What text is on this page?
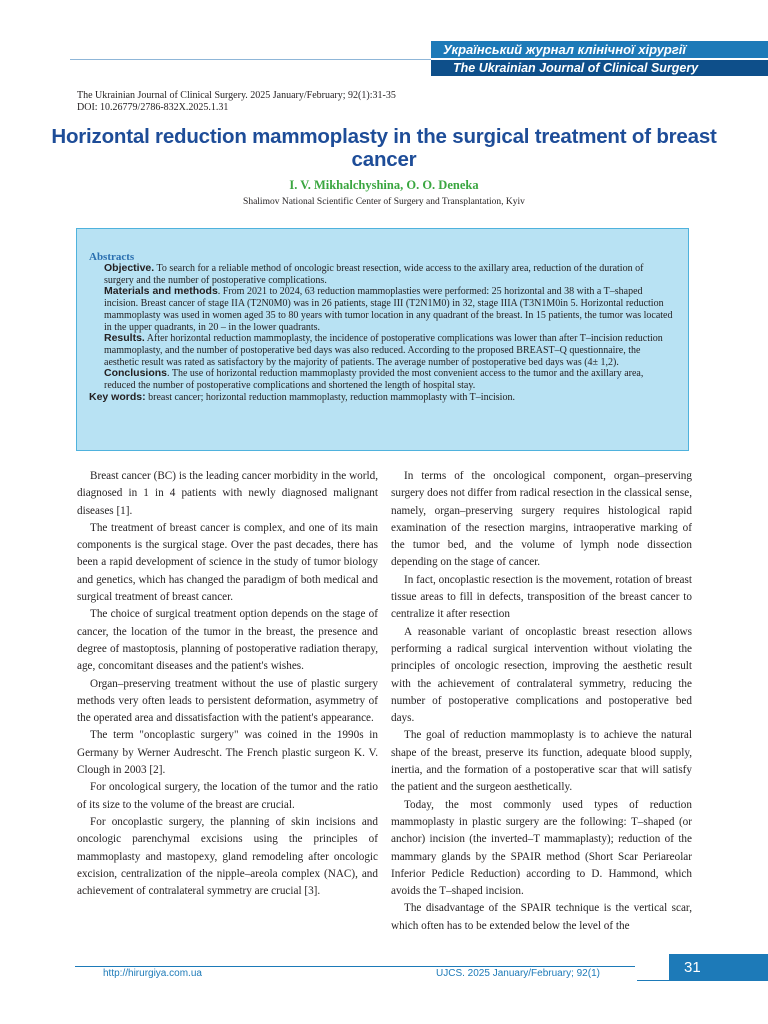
Український журнал клінічної хірургії
The Ukrainian Journal of Clinical Surgery
The Ukrainian Journal of Clinical Surgery. 2025 January/February; 92(1):31-35
DOI: 10.26779/2786-832X.2025.1.31
Horizontal reduction mammoplasty in the surgical treatment of breast cancer
I. V. Mikhalchyshina, O. O. Deneka
Shalimov National Scientific Center of Surgery and Transplantation, Kyiv
Abstracts

Objective. To search for a reliable method of oncologic breast resection, wide access to the axillary area, reduction of the duration of surgery and the number of postoperative complications.

Materials and methods. From 2021 to 2024, 63 reduction mammoplasties were performed: 25 horizontal and 38 with a T–shaped incision. Breast cancer of stage IIA (T2N0M0) was in 26 patients, stage III (T2N1M0) in 32, stage IIIA (T3N1M0in 5. Horizontal reduction mammoplasty was used in women aged 35 to 80 years with tumor location in any quadrant of the breast. In 15 patients, the tumor was located in the upper quadrants, in 20 – in the lower quadrants.

Results. After horizontal reduction mammoplasty, the incidence of postoperative complications was lower than after T–incision reduction mammoplasty, and the number of postoperative bed days was also reduced. According to the proposed BREAST–Q questionnaire, the aesthetic result was rated as satisfactory by the majority of patients. The average number of postoperative bed days was (4± 1,2).

Conclusions. The use of horizontal reduction mammoplasty provided the most convenient access to the tumor and the axillary area, reduced the number of postoperative complications and shortened the length of hospital stay.

Key words: breast cancer; horizontal reduction mammoplasty, reduction mammoplasty with T–incision.

Breast cancer (BC) is the leading cancer morbidity in the world, diagnosed in 1 in 4 patients with newly diagnosed malignant diseases [1].

The treatment of breast cancer is complex, and one of its main components is the surgical stage. Over the past decades, there has been a rapid development of science in the study of tumor biology and genetics, which has changed the paradigm of both medical and surgical treatment of breast cancer.

The choice of surgical treatment option depends on the stage of cancer, the location of the tumor in the breast, the presence and degree of mastoptosis, planning of postoperative radiation therapy, age, concomitant diseases and the patient's wishes.

Organ–preserving treatment without the use of plastic surgery methods very often leads to persistent deformation, asymmetry of the operated area and dissatisfaction with the patient's appearance.

The term "oncoplastic surgery" was coined in the 1990s in Germany by Werner Audrescht. The French plastic surgeon K. V. Clough in 2003 [2].

For oncological surgery, the location of the tumor and the ratio of its size to the volume of the breast are crucial.

For oncoplastic surgery, the planning of skin incisions and oncologic parenchymal excisions using the principles of mammoplasty and mastopexy, gland remodeling after oncologic excision, centralization of the nipple–areola complex (NAC), and achievement of contralateral symmetry are crucial [3].

In terms of the oncological component, organ–preserving surgery does not differ from radical resection in the classical sense, namely, organ–preserving surgery requires histological rapid examination of the resection margins, intraoperative marking of the tumor bed, and the volume of lymph node dissection depending on the stage of cancer.

In fact, oncoplastic resection is the movement, rotation of breast tissue areas to fill in defects, transposition of the breast cancer to centralize it after resection

A reasonable variant of oncoplastic breast resection allows performing a radical surgical intervention without violating the principles of oncologic resection, improving the aesthetic result with the achievement of contralateral symmetry, reducing the number of postoperative complications and postoperative bed days.

The goal of reduction mammoplasty is to achieve the natural shape of the breast, preserve its function, adequate blood supply, inertia, and the formation of a postoperative scar that will satisfy the patient and the surgeon aesthetically.

Today, the most commonly used types of reduction mammoplasty in plastic surgery are the following: T–shaped (or anchor) incision (the inverted–T mammaplasty); reduction of the mammary glands by the SPAIR method (Short Scar Periareolar Inferior Pedicle Reduction) according to D. Hammond, which avoids the T–shaped incision.

The disadvantage of the SPAIR technique is the vertical scar, which often has to be extended below the level of the

http://hirurgiya.com.ua	UJCS. 2025 January/February; 92(1)	31
